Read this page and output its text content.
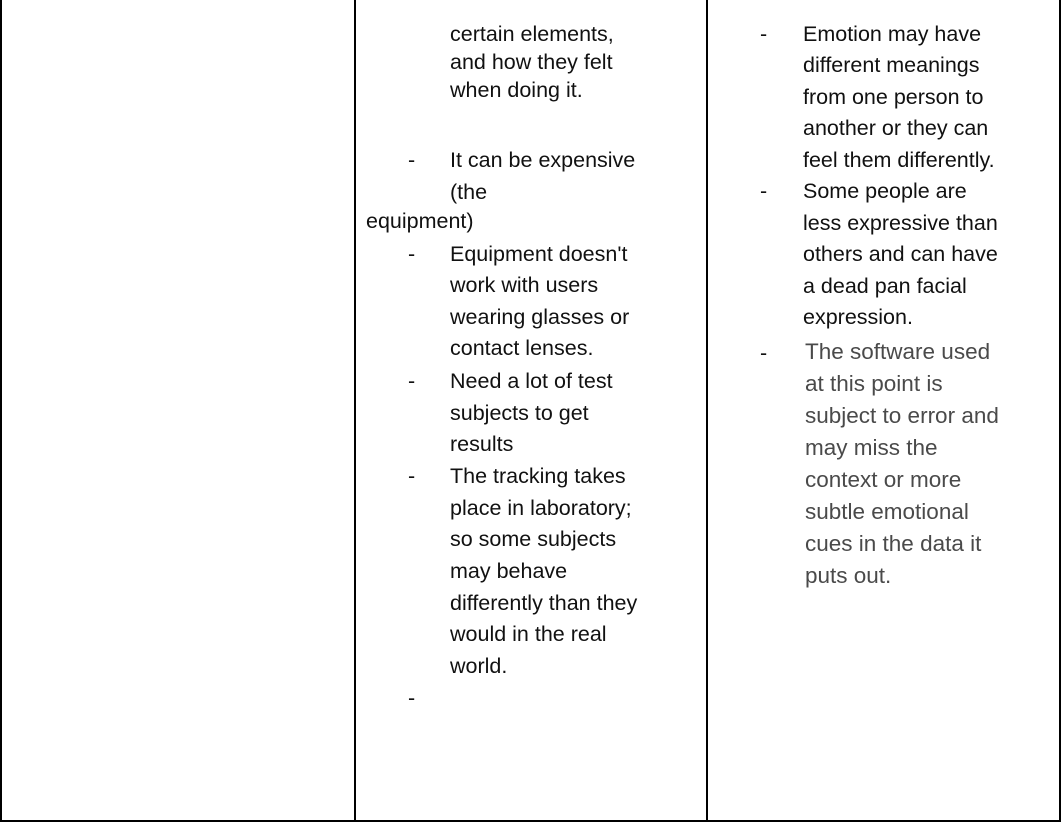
certain elements,
and how they felt
when doing it.
- It can be expensive
(the
equipment)
- Equipment doesn't
work with users
wearing glasses or
contact lenses.
- Need a lot of test
subjects to get
results
- The tracking takes
place in laboratory;
so some subjects
may behave
differently than they
would in the real
world.
-
- Emotion may have
different meanings
from one person to
another or they can
feel them differently.
- Some people are
less expressive than
others and can have
a dead pan facial
expression.
- The software used
at this point is
subject to error and
may miss the
context or more
subtle emotional
cues in the data it
puts out.
